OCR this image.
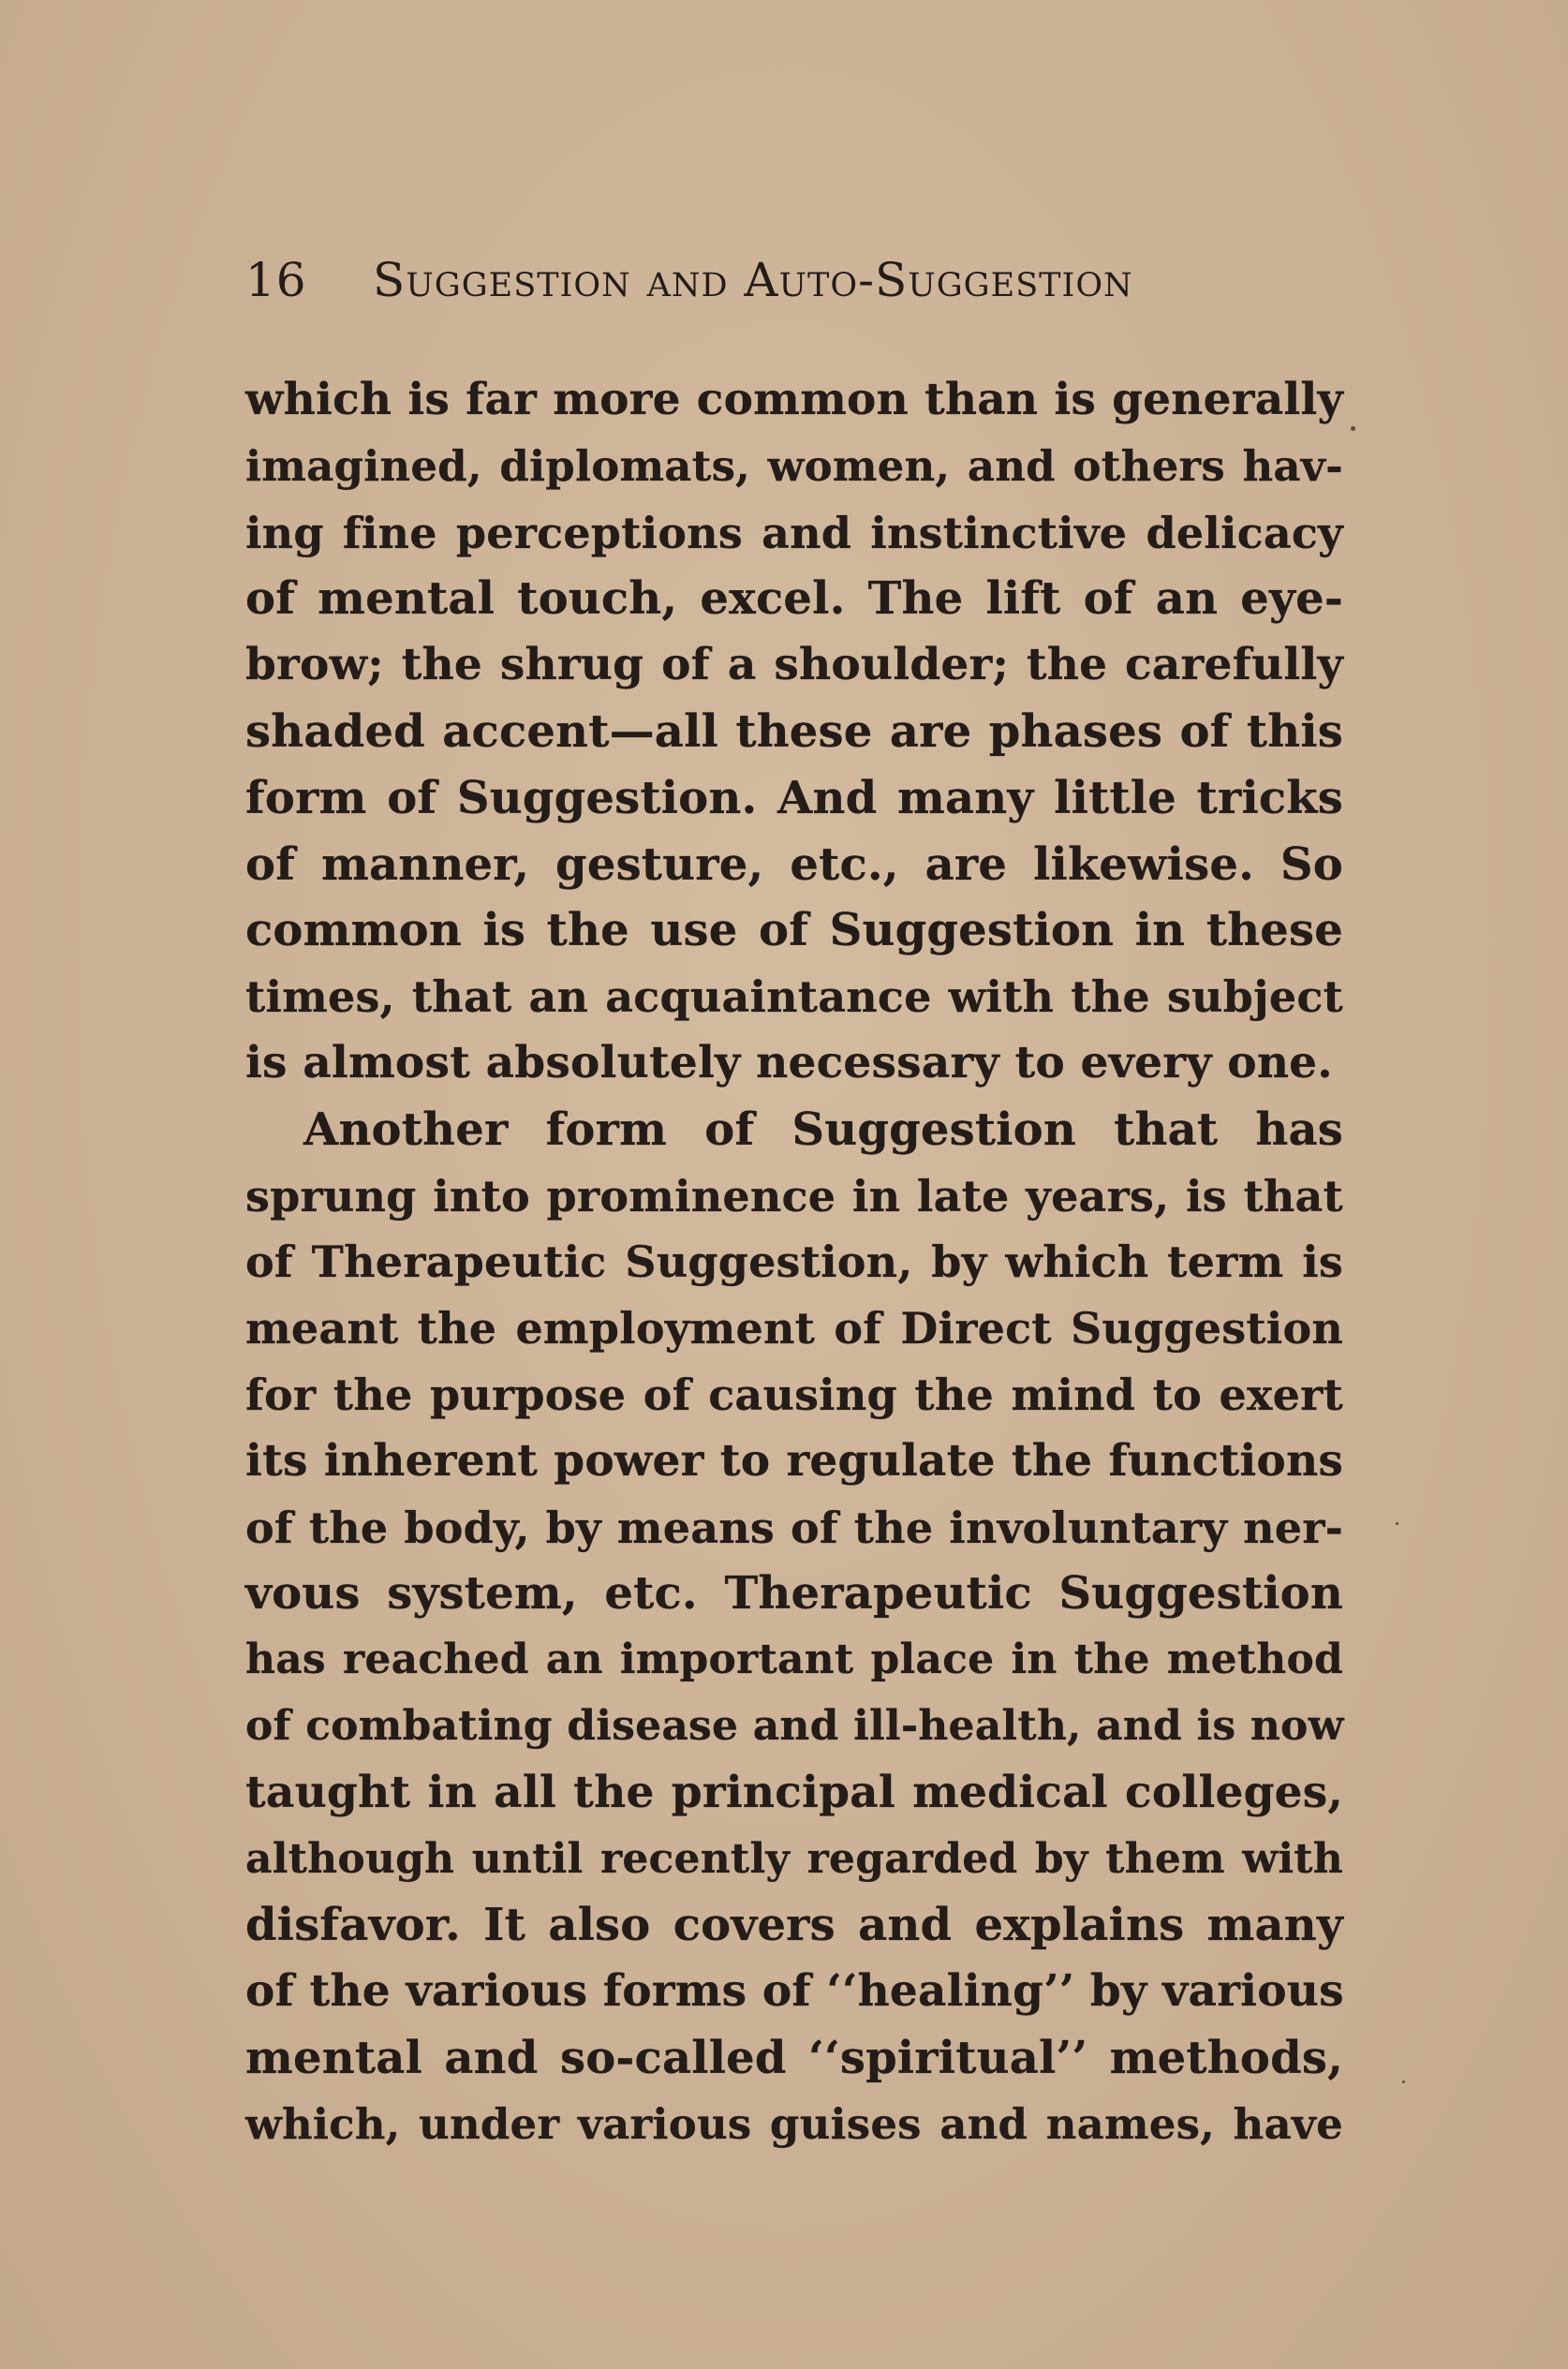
16	Suggestion and Auto-Suggestion
which is far more common than is generally
imagined, diplomats, women, and others hav-
ing fine perceptions and instinctive delicacy
of mental touch, excel. The lift of an eye-
brow; the shrug of a shoulder; the carefully
shaded accent—all these are phases of this
form of Suggestion. And many little tricks
of manner, gesture, etc., are likewise. So
common is the use of Suggestion in these
times, that an acquaintance with the subject
is almost absolutely necessary to every one.
Another form of Suggestion that has
sprung into prominence in late years, is that
of Therapeutic Suggestion, by which term is
meant the employment of Direct Suggestion
for the purpose of causing the mind to exert
its inherent power to regulate the functions
of the body, by means of the involuntary ner-
vous system, etc. Therapeutic Suggestion
has reached an important place in the method
of combating disease and ill-health, and is now
taught in all the principal medical colleges,
although until recently regarded by them with
disfavor. It also covers and explains many
of the various forms of ‘‘healing’’ by various
mental and so-called ‘‘spiritual’’ methods,
which, under various guises and names, have
